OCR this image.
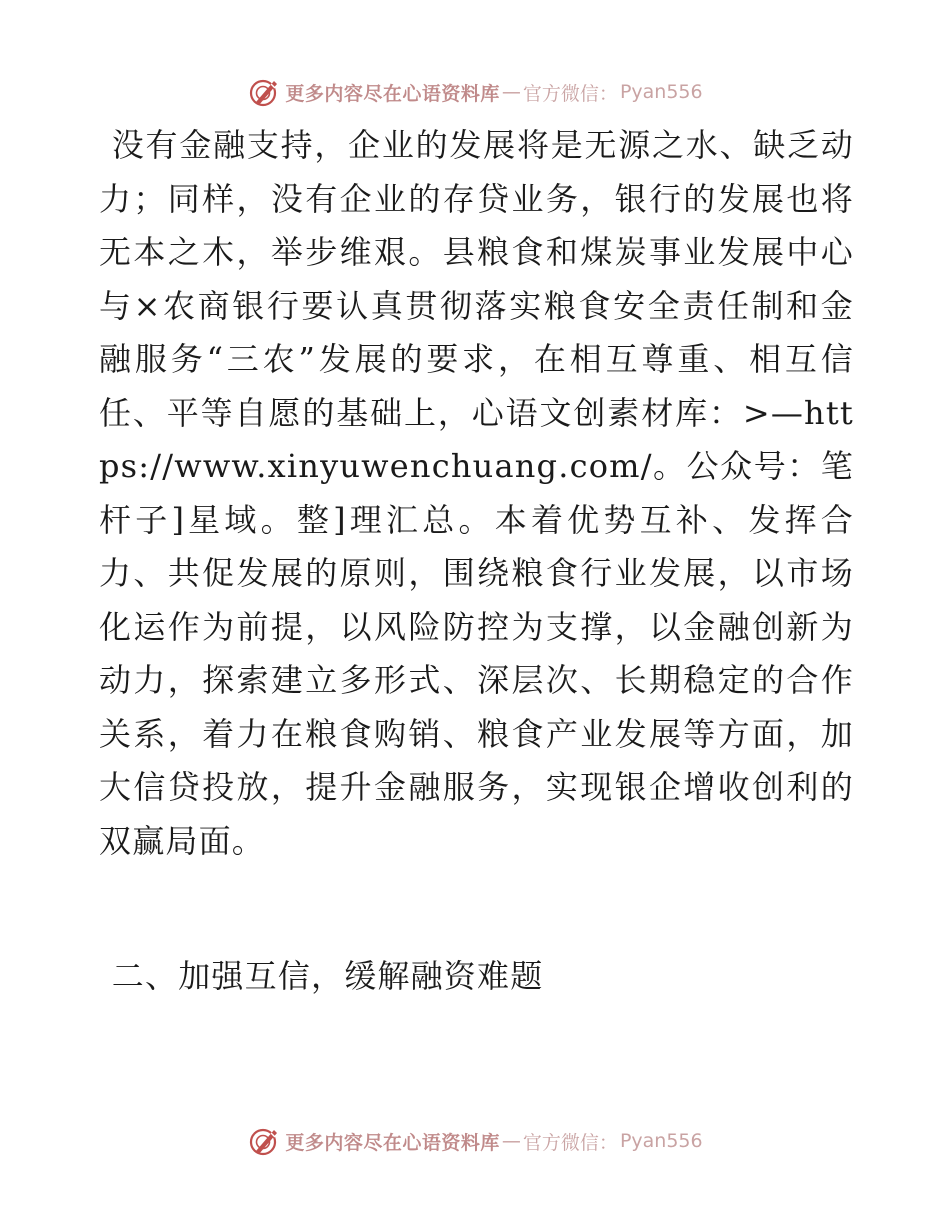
更多内容尽在心语资料库 — 官方微信： Pyan556

没有金融支持，企业的发展将是无源之水、缺乏动力；同样，没有企业的存贷业务，银行的发展也将无本之木，举步维艰。县粮食和煤炭事业发展中心与×农商银行要认真贯彻落实粮食安全责任制和金融服务“三农”发展的要求，在相互尊重、相互信任、平等自愿的基础上，心语文创素材库：>—https://www.xinyuwenchuang.com/。公众号：笔杆子]星域。整]理汇总。本着优势互补、发挥合力、共促发展的原则，围绕粮食行业发展，以市场化运作为前提，以风险防控为支撑，以金融创新为动力，探索建立多形式、深层次、长期稳定的合作关系，着力在粮食购销、粮食产业发展等方面，加大信贷投放，提升金融服务，实现银企增收创利的双赢局面。

二、加强互信，缓解融资难题

更多内容尽在心语资料库 — 官方微信： Pyan556
